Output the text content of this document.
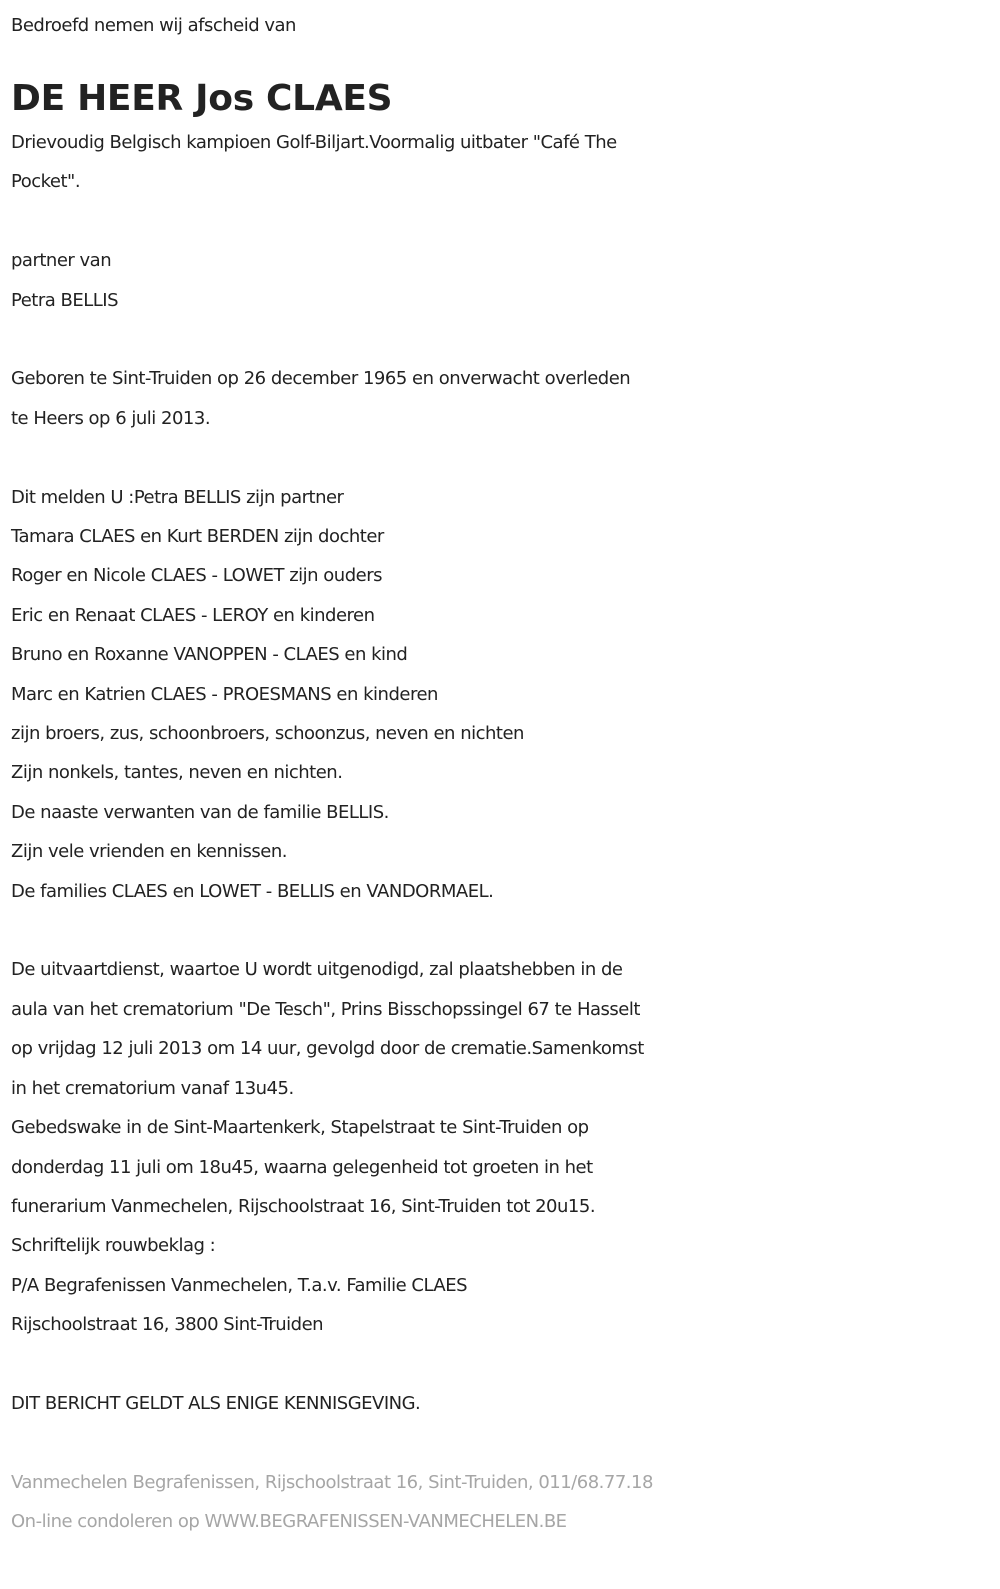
Bedroefd nemen wij afscheid van
DE HEER Jos CLAES
Drievoudig Belgisch kampioen Golf-Biljart.Voormalig uitbater "Café The
Pocket".
partner van
Petra BELLIS
Geboren te Sint-Truiden op 26 december 1965 en onverwacht overleden
te Heers op 6 juli 2013.
Dit melden U :Petra BELLIS zijn partner
Tamara CLAES en Kurt BERDEN zijn dochter
Roger en Nicole CLAES - LOWET zijn ouders
Eric en Renaat CLAES - LEROY en kinderen
Bruno en Roxanne VANOPPEN - CLAES en kind
Marc en Katrien CLAES - PROESMANS en kinderen
zijn broers, zus, schoonbroers, schoonzus, neven en nichten
Zijn nonkels, tantes, neven en nichten.
De naaste verwanten van de familie BELLIS.
Zijn vele vrienden en kennissen.
De families CLAES en LOWET - BELLIS en VANDORMAEL.
De uitvaartdienst, waartoe U wordt uitgenodigd, zal plaatshebben in de
aula van het crematorium "De Tesch", Prins Bisschopssingel 67 te Hasselt
op vrijdag 12 juli 2013 om 14 uur, gevolgd door de crematie.Samenkomst
in het crematorium vanaf 13u45.
Gebedswake in de Sint-Maartenkerk, Stapelstraat te Sint-Truiden op
donderdag 11 juli om 18u45, waarna gelegenheid tot groeten in het
funerarium Vanmechelen, Rijschoolstraat 16, Sint-Truiden tot 20u15.
Schriftelijk rouwbeklag :
P/A Begrafenissen Vanmechelen, T.a.v. Familie CLAES
Rijschoolstraat 16, 3800 Sint-Truiden
DIT BERICHT GELDT ALS ENIGE KENNISGEVING.
Vanmechelen Begrafenissen, Rijschoolstraat 16, Sint-Truiden, 011/68.77.18
On-line condoleren op WWW.BEGRAFENISSEN-VANMECHELEN.BE
